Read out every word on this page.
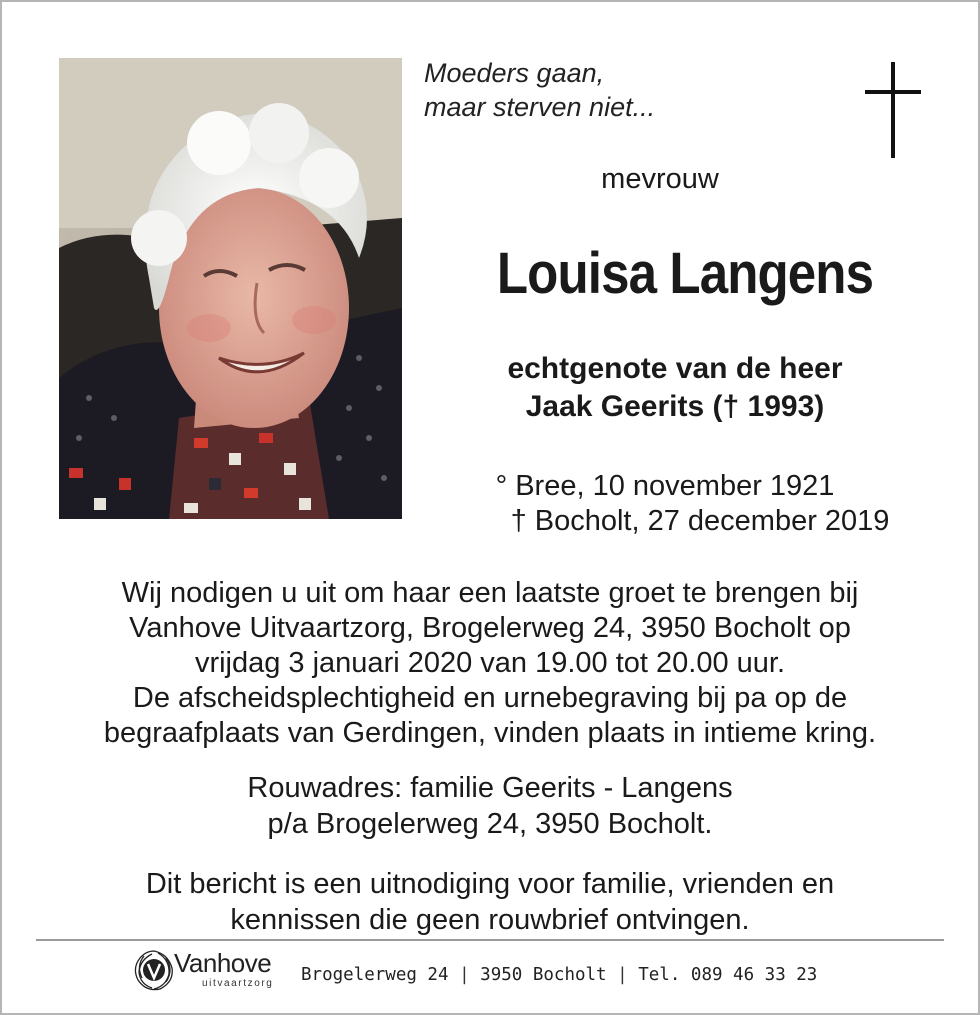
Moeders gaan,
maar sterven niet...
mevrouw
Louisa Langens
echtgenote van de heer
Jaak Geerits († 1993)
° Bree, 10 november 1921
† Bocholt, 27 december 2019
Wij nodigen u uit om haar een laatste groet te brengen bij
Vanhove Uitvaartzorg, Brogelerweg 24, 3950 Bocholt op
vrijdag 3 januari 2020 van 19.00 tot 20.00 uur.
De afscheidsplechtigheid en urnebegraving bij pa op de
begraafplaats van Gerdingen, vinden plaats in intieme kring.
Rouwadres: familie Geerits - Langens
p/a Brogelerweg 24, 3950 Bocholt.
Dit bericht is een uitnodiging voor familie, vrienden en
kennissen die geen rouwbrief ontvingen.
Vanhove
uitvaartzorg Brogelerweg 24 | 3950 Bocholt | Tel. 089 46 33 23
